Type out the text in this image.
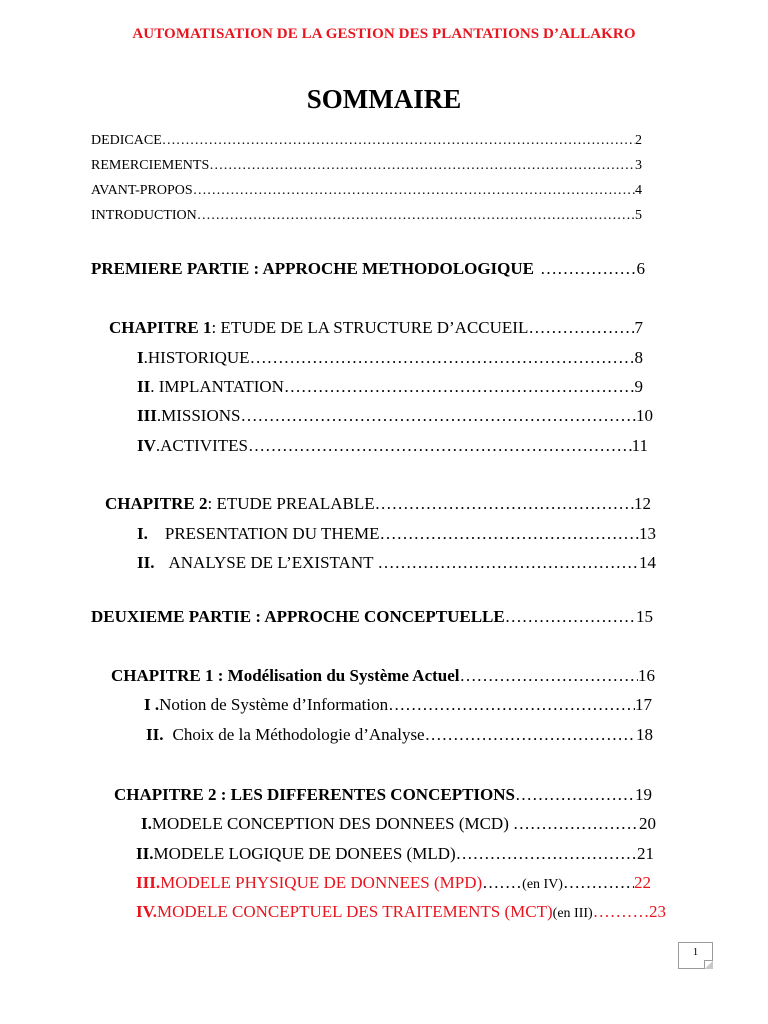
AUTOMATISATION DE LA GESTION DES PLANTATIONS D’ALLAKRO
SOMMAIRE
DEDICACE …………………………………………………………………………………………………………………………………………………………………………………………………………	2
REMERCIEMENTS …………………………………………………………………………………………………………………………………………………………………………………………………………	3
AVANT-PROPOS …………………………………………………………………………………………………………………………………………………………………………………………………………	4
INTRODUCTION …………………………………………………………………………………………………………………………………………………………………………………………………………	5
PREMIERE PARTIE : APPROCHE METHODOLOGIQUE …………………………………………………………………………………………………………………………………………………………………………………………………………	6
CHAPITRE 1 : ETUDE DE LA STRUCTURE D’ACCUEIL …………………………………………………………………………………………………………………………………………………………………………………………………………	7
I .HISTORIQUE …………………………………………………………………………………………………………………………………………………………………………………………………………	8
II . IMPLANTATION …………………………………………………………………………………………………………………………………………………………………………………………………………	9
III .MISSIONS …………………………………………………………………………………………………………………………………………………………………………………………………………	10
IV .ACTIVITES …………………………………………………………………………………………………………………………………………………………………………………………………………	11
CHAPITRE 2 : ETUDE PREALABLE …………………………………………………………………………………………………………………………………………………………………………………………………………	12
I. PRESENTATION DU THEME …………………………………………………………………………………………………………………………………………………………………………………………………………	13
II. ANALYSE DE L’EXISTANT …………………………………………………………………………………………………………………………………………………………………………………………………………	14
DEUXIEME PARTIE : APPROCHE CONCEPTUELLE …………………………………………………………………………………………………………………………………………………………………………………………………………	15
CHAPITRE 1 : Modélisation du Système Actuel …………………………………………………………………………………………………………………………………………………………………………………………………………	16
I . Notion de Système d’Information …………………………………………………………………………………………………………………………………………………………………………………………………………	17
II. Choix de la Méthodologie d’Analyse …………………………………………………………………………………………………………………………………………………………………………………………………………	18
CHAPITRE 2 : LES DIFFERENTES CONCEPTIONS …………………………………………………………………………………………………………………………………………………………………………………………………………	19
I. MODELE CONCEPTION DES DONNEES (MCD) …………………………………………………………………………………………………………………………………………………………………………………………………………	20
II. MODELE LOGIQUE DE DONEES (MLD) …………………………………………………………………………………………………………………………………………………………………………………………………………	21
III. MODELE PHYSIQUE DE DONNEES (MPD) …………………………………………………………………………………………………………………………………………………………………………………………………………	(en IV) …………………………………………………………………………………………………………………………………………………………………………………………………………	22
IV. MODELE CONCEPTUEL DES TRAITEMENTS (MCT) (en III) …………………………………………………………………………………………………………………………………………………………………………………………………………	23
1
